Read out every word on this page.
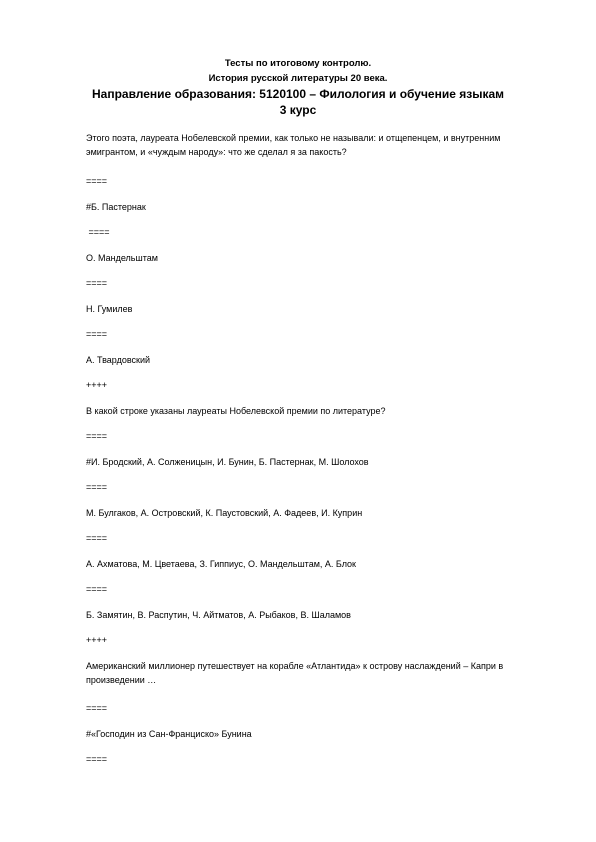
Тесты по итоговому контролю.
История русской литературы 20 века.
Направление образования: 5120100 – Филология и обучение языкам
3 курс
Этого поэта, лауреата Нобелевской премии, как только не называли: и отщепенцем, и внутренним эмигрантом, и «чуждым народу»: что же сделал я за пакость?
====
#Б. Пастернак
====
О. Мандельштам
====
Н. Гумилев
====
А. Твардовский
++++
В какой строке указаны лауреаты Нобелевской премии по литературе?
====
#И. Бродский, А. Солженицын, И. Бунин, Б. Пастернак, М. Шолохов
====
М. Булгаков, А. Островский, К. Паустовский, А. Фадеев, И. Куприн
====
А. Ахматова, М. Цветаева, З. Гиппиус, О. Мандельштам, А. Блок
====
Б. Замятин, В. Распутин, Ч. Айтматов, А. Рыбаков, В. Шаламов
++++
Американский миллионер путешествует на корабле «Атлантида» к острову наслаждений – Капри в произведении …
====
#«Господин из Сан-Франциско» Бунина
====
